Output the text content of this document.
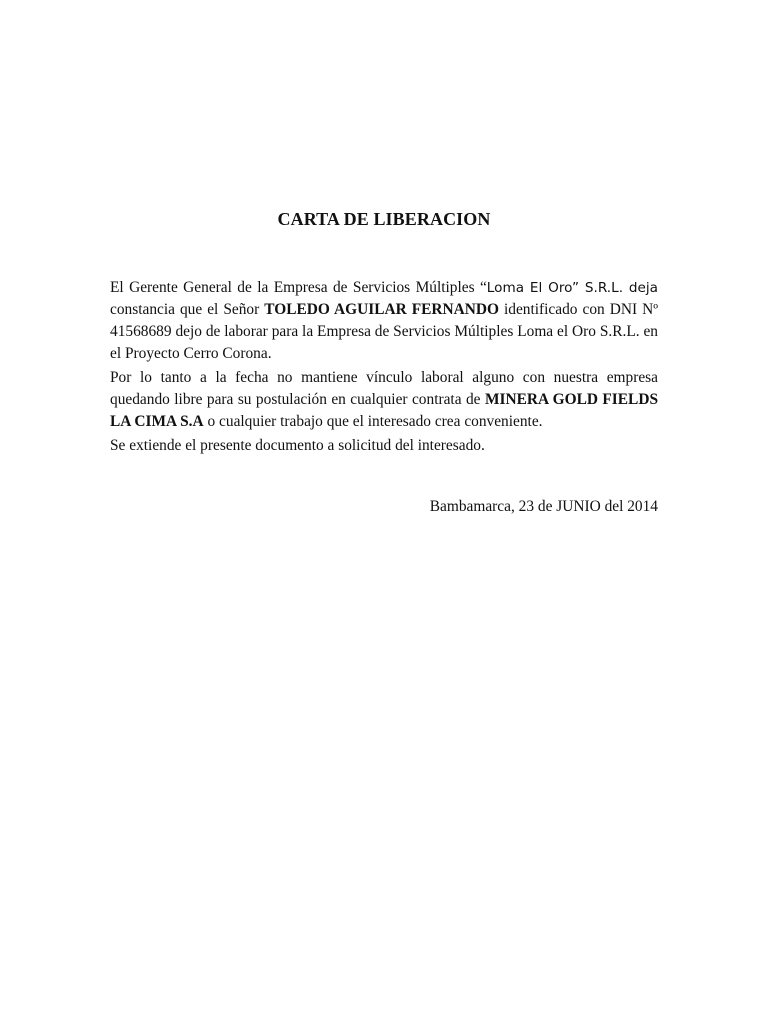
CARTA DE LIBERACION

El Gerente General de la Empresa de Servicios Múltiples “Loma El Oro” S.R.L. deja constancia que el Señor TOLEDO AGUILAR FERNANDO identificado con DNI Nº 41568689 dejo de laborar para la Empresa de Servicios Múltiples Loma el Oro S.R.L. en el Proyecto Cerro Corona.

Por lo tanto a la fecha no mantiene vínculo laboral alguno con nuestra empresa quedando libre para su postulación en cualquier contrata de MINERA GOLD FIELDS LA CIMA S.A o cualquier trabajo que el interesado crea conveniente.

Se extiende el presente documento a solicitud del interesado.

Bambamarca, 23 de JUNIO del 2014
